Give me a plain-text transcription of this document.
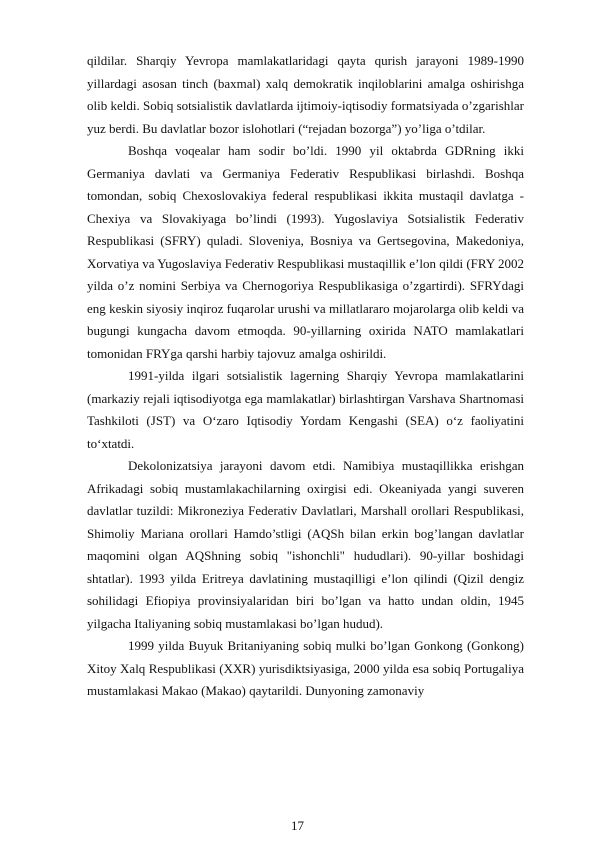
qildilar. Sharqiy Yevropa mamlakatlaridagi qayta qurish jarayoni 1989-1990 yillardagi asosan tinch (baxmal) xalq demokratik inqiloblarini amalga oshirishga olib keldi. Sobiq sotsialistik davlatlarda ijtimoiy-iqtisodiy formatsiyada o’zgarishlar yuz berdi. Bu davlatlar bozor islohotlari (“rejadan bozorga”) yo’liga o’tdilar.

Boshqa voqealar ham sodir bo’ldi. 1990 yil oktabrda GDRning ikki Germaniya davlati va Germaniya Federativ Respublikasi birlashdi. Boshqa tomondan, sobiq Chexoslovakiya federal respublikasi ikkita mustaqil davlatga - Chexiya va Slovakiyaga bo’lindi (1993). Yugoslaviya Sotsialistik Federativ Respublikasi (SFRY) quladi. Sloveniya, Bosniya va Gertsegovina, Makedoniya, Xorvatiya va Yugoslaviya Federativ Respublikasi mustaqillik e’lon qildi (FRY 2002 yilda o’z nomini Serbiya va Chernogoriya Respublikasiga o’zgartirdi). SFRYdagi eng keskin siyosiy inqiroz fuqarolar urushi va millatlararo mojarolarga olib keldi va bugungi kungacha davom etmoqda. 90-yillarning oxirida NATO mamlakatlari tomonidan FRYga qarshi harbiy tajovuz amalga oshirildi.

1991-yilda ilgari sotsialistik lagerning Sharqiy Yevropa mamlakatlarini (markaziy rejali iqtisodiyotga ega mamlakatlar) birlashtirgan Varshava Shartnomasi Tashkiloti (JST) va O‘zaro Iqtisodiy Yordam Kengashi (SEA) o‘z faoliyatini to‘xtatdi.

Dekolonizatsiya jarayoni davom etdi. Namibiya mustaqillikka erishgan Afrikadagi sobiq mustamlakachilarning oxirgisi edi. Okeaniyada yangi suveren davlatlar tuzildi: Mikroneziya Federativ Davlatlari, Marshall orollari Respublikasi, Shimoliy Mariana orollari Hamdo’stligi (AQSh bilan erkin bog’langan davlatlar maqomini olgan AQShning sobiq "ishonchli" hududlari). 90-yillar boshidagi shtatlar). 1993 yilda Eritreya davlatining mustaqilligi e’lon qilindi (Qizil dengiz sohilidagi Efiopiya provinsiyalaridan biri bo’lgan va hatto undan oldin, 1945 yilgacha Italiyaning sobiq mustamlakasi bo’lgan hudud).

1999 yilda Buyuk Britaniyaning sobiq mulki bo’lgan Gonkong (Gonkong) Xitoy Xalq Respublikasi (XXR) yurisdiktsiyasiga, 2000 yilda esa sobiq Portugaliya mustamlakasi Makao (Makao) qaytarildi. Dunyoning zamonaviy

17
